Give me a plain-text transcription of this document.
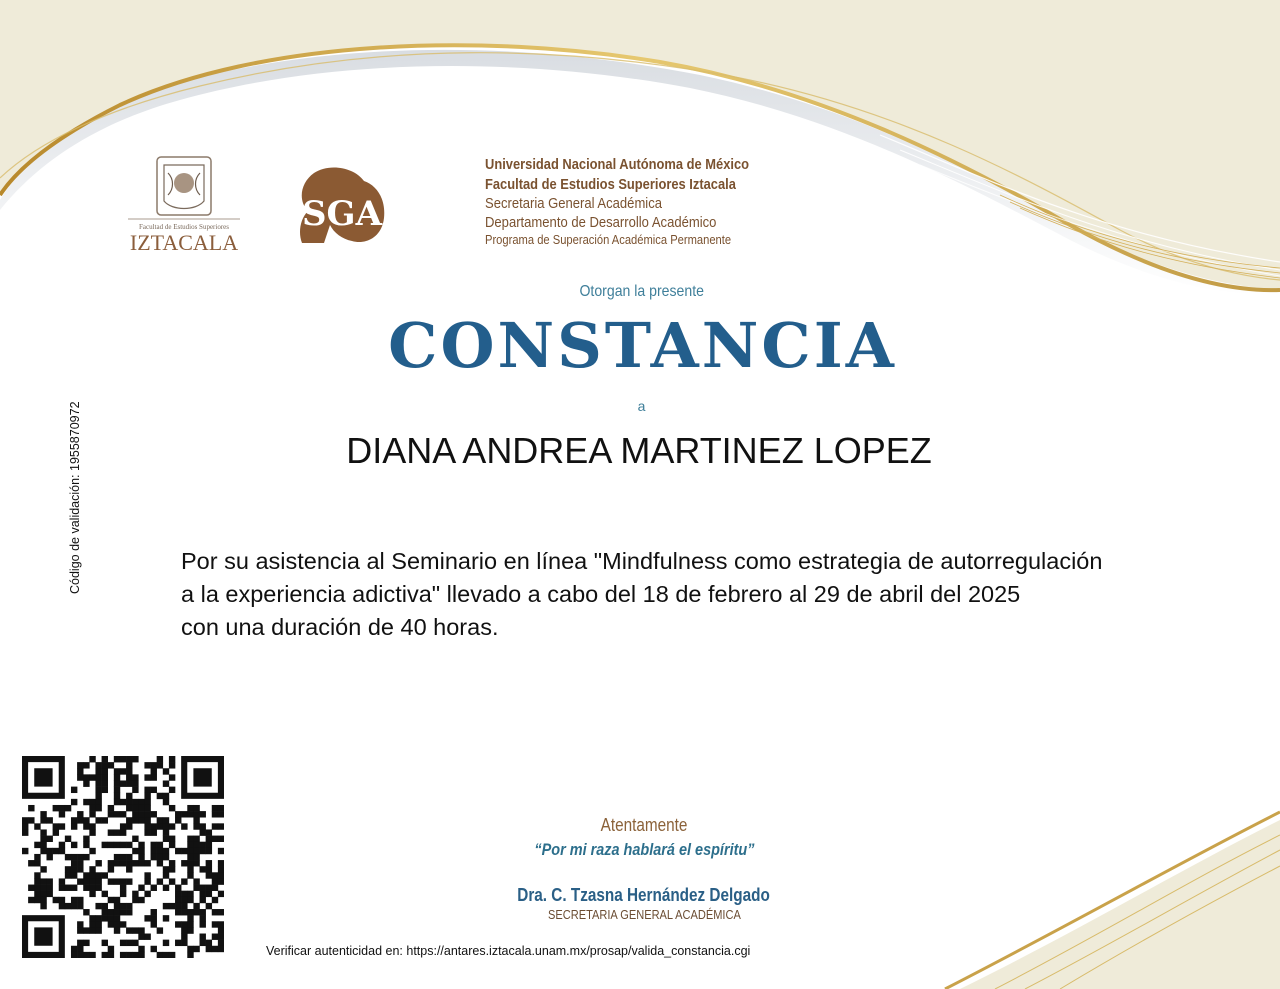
Facultad de Estudios Superiores
IZTACALA
SGA
Universidad Nacional Autónoma de México
Facultad de Estudios Superiores Iztacala
Secretaria General Académica
Departamento de Desarrollo Académico
Programa de Superación Académica Permanente
Otorgan la presente
CONSTANCIA
a
DIANA ANDREA MARTINEZ LOPEZ
Por su asistencia al Seminario en línea "Mindfulness como estrategia de autorregulación
a la experiencia adictiva" llevado a cabo del 18 de febrero al 29 de abril del 2025
con una duración de 40 horas.
Código de validación: 1955870972
Atentamente
“Por mi raza hablará el espíritu”
Dra. C. Tzasna Hernández Delgado
SECRETARIA GENERAL ACADÉMICA
Verificar autenticidad en: https://antares.iztacala.unam.mx/prosap/valida_constancia.cgi
